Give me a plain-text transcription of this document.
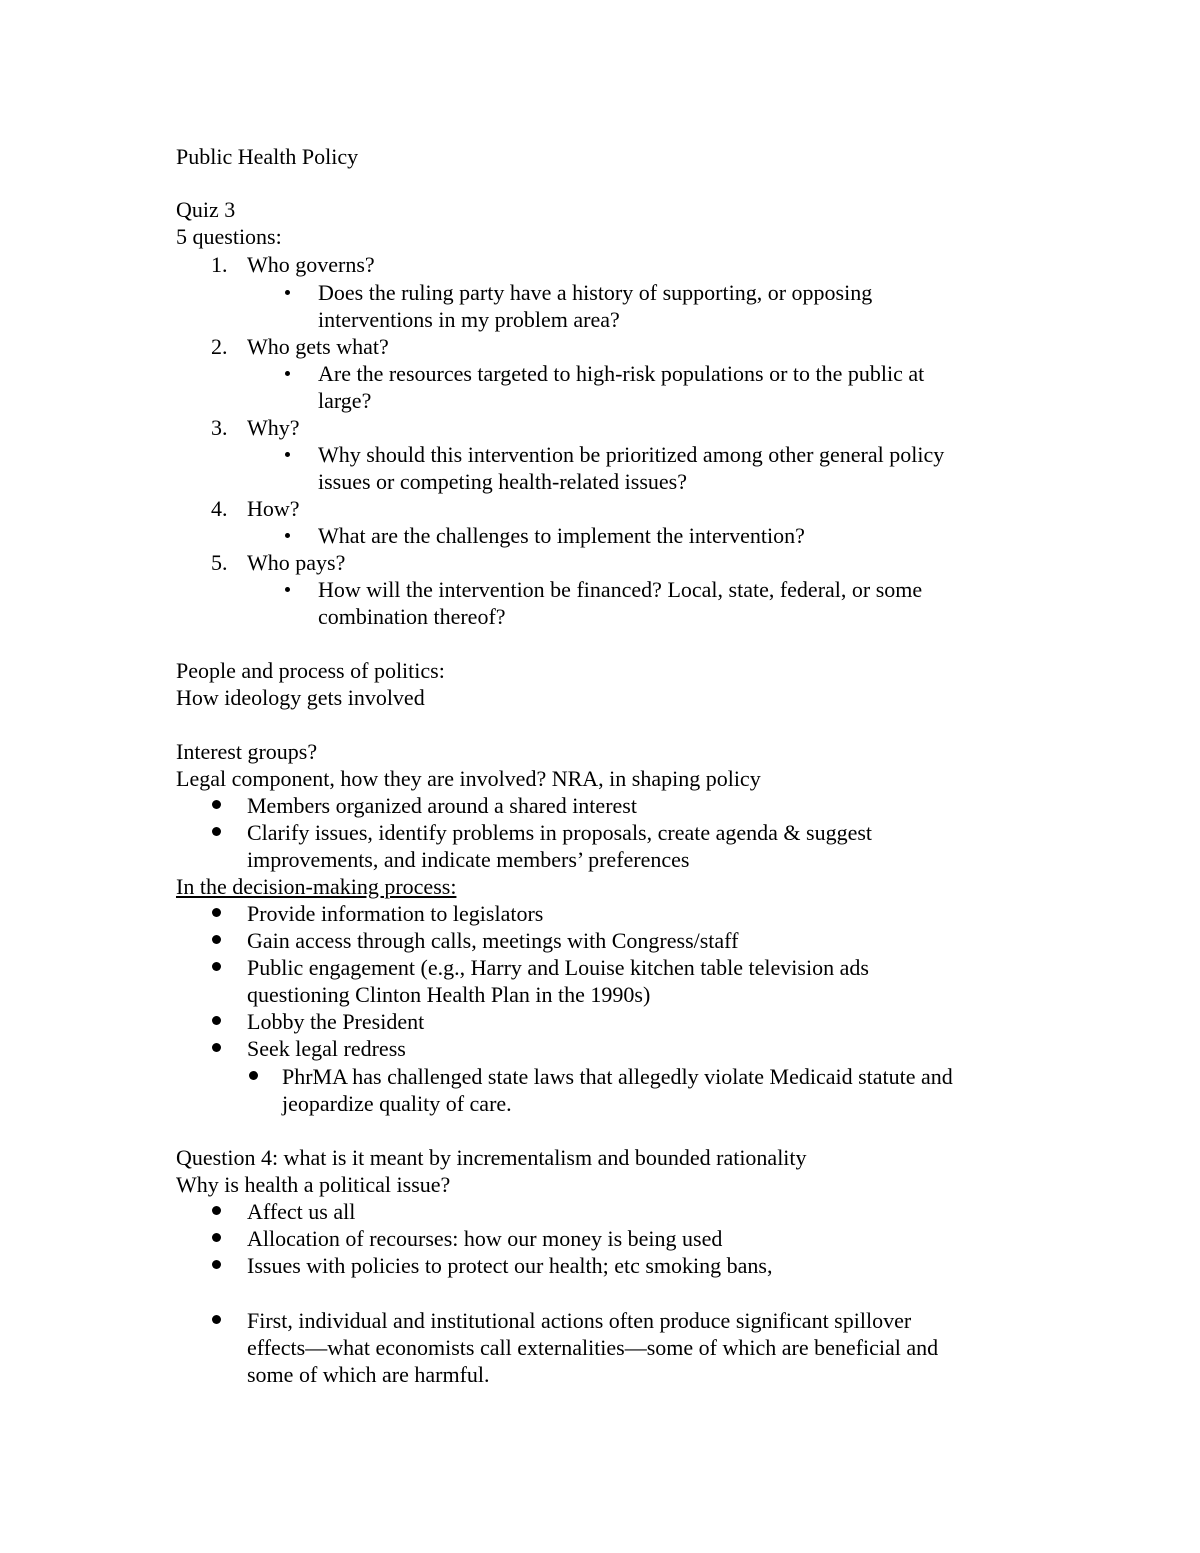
Public Health Policy
Quiz 3
5 questions:
1. Who governs?
Does the ruling party have a history of supporting, or opposing
interventions in my problem area?
2. Who gets what?
Are the resources targeted to high-risk populations or to the public at
large?
3. Why?
Why should this intervention be prioritized among other general policy
issues or competing health-related issues?
4. How?
What are the challenges to implement the intervention?
5. Who pays?
How will the intervention be financed? Local, state, federal, or some
combination thereof?
People and process of politics:
How ideology gets involved
Interest groups?
Legal component, how they are involved? NRA, in shaping policy
Members organized around a shared interest
Clarify issues, identify problems in proposals, create agenda & suggest
improvements, and indicate members’ preferences
In the decision-making process:
Provide information to legislators
Gain access through calls, meetings with Congress/staff
Public engagement (e.g., Harry and Louise kitchen table television ads
questioning Clinton Health Plan in the 1990s)
Lobby the President
Seek legal redress
PhrMA has challenged state laws that allegedly violate Medicaid statute and
jeopardize quality of care.
Question 4: what is it meant by incrementalism and bounded rationality
Why is health a political issue?
Affect us all
Allocation of recourses: how our money is being used
Issues with policies to protect our health; etc smoking bans,
First, individual and institutional actions often produce significant spillover
effects—what economists call externalities—some of which are beneficial and
some of which are harmful.
